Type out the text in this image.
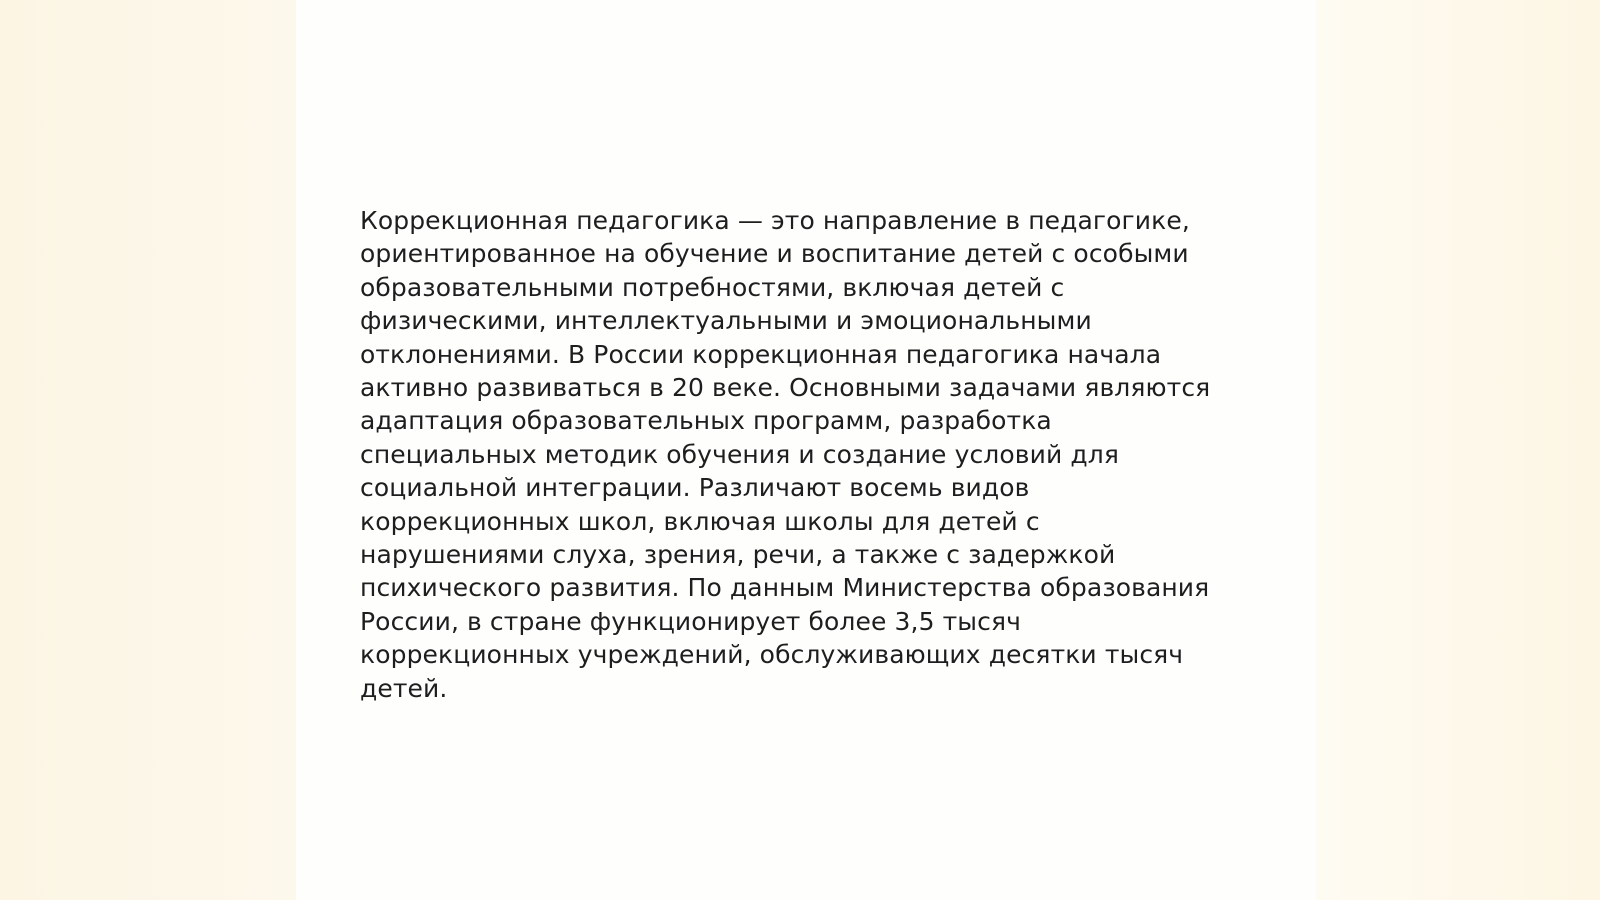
Коррекционная педагогика — это направление в педагогике,
ориентированное на обучение и воспитание детей с особыми
образовательными потребностями, включая детей с
физическими, интеллектуальными и эмоциональными
отклонениями. В России коррекционная педагогика начала
активно развиваться в 20 веке. Основными задачами являются
адаптация образовательных программ, разработка
специальных методик обучения и создание условий для
социальной интеграции. Различают восемь видов
коррекционных школ, включая школы для детей с
нарушениями слуха, зрения, речи, а также с задержкой
психического развития. По данным Министерства образования
России, в стране функционирует более 3,5 тысяч
коррекционных учреждений, обслуживающих десятки тысяч
детей.
